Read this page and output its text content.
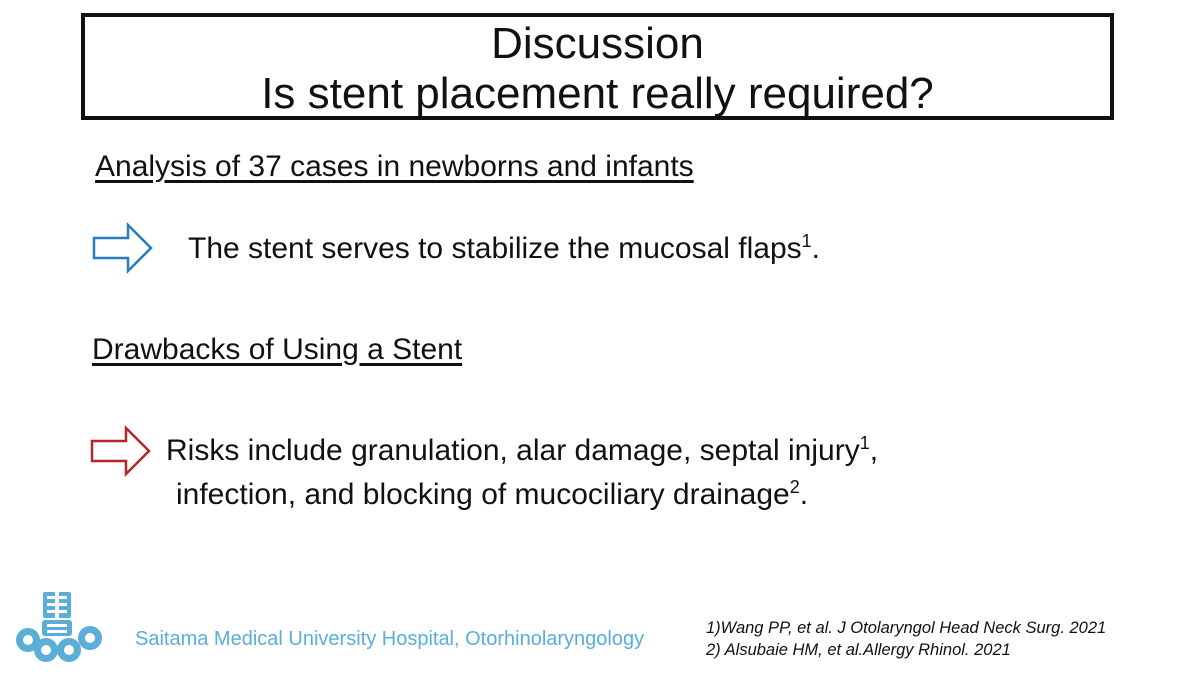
Discussion
Is stent placement really required?
Analysis of 37 cases in newborns and infants
The stent serves to stabilize the mucosal flaps$^1$.
Drawbacks of Using a Stent
Risks include granulation, alar damage, septal injury$^1$,
infection, and blocking of mucociliary drainage$^2$.
Saitama Medical University Hospital, Otorhinolaryngology	1)Wang PP, et al. J Otolaryngol Head Neck Surg. 2021
2) Alsubaie HM, et al.Allergy Rhinol. 2021
